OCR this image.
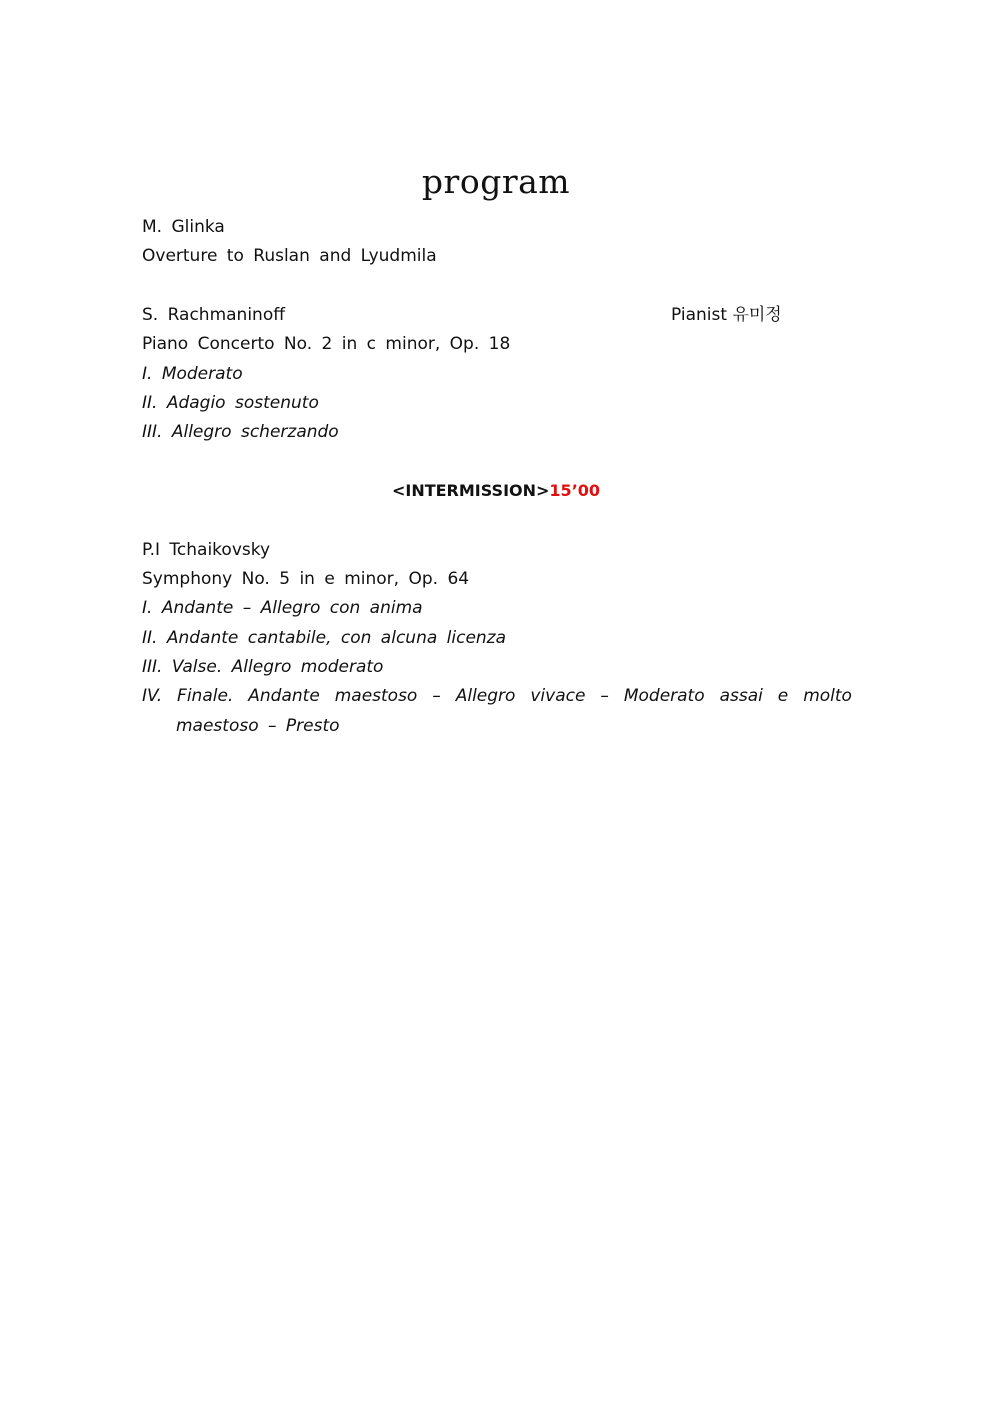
program
M. Glinka
Overture to Ruslan and Lyudmila
S. Rachmaninoff	Pianist 유미정
Piano Concerto No. 2 in c minor, Op. 18
I. Moderato
II. Adagio sostenuto
III. Allegro scherzando
<INTERMISSION>15’00
P.I Tchaikovsky
Symphony No. 5 in e minor, Op. 64
I. Andante – Allegro con anima
II. Andante cantabile, con alcuna licenza
III. Valse. Allegro moderato
IV. Finale. Andante maestoso – Allegro vivace – Moderato assai e molto
maestoso – Presto
